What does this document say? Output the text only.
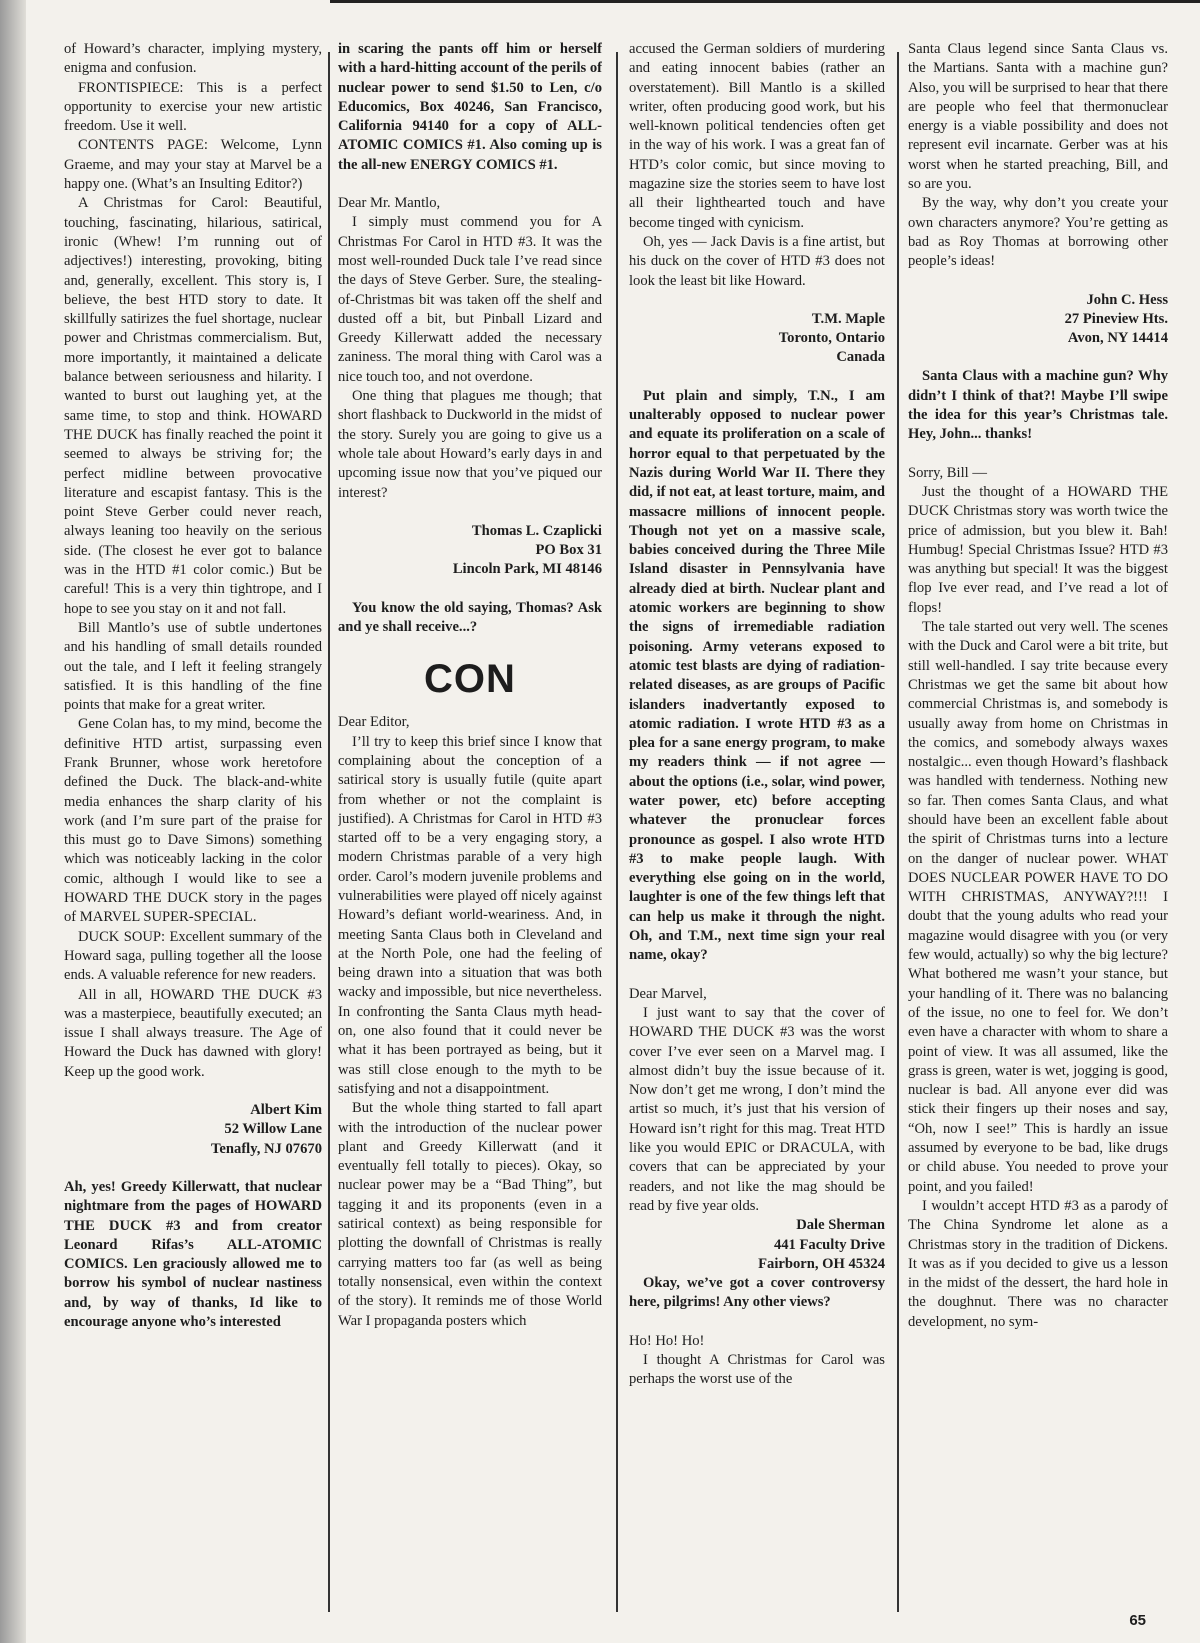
of Howard’s character, implying mystery, enigma and confusion.

FRONTISPIECE: This is a perfect opportunity to exercise your new artistic freedom. Use it well.

CONTENTS PAGE: Welcome, Lynn Graeme, and may your stay at Marvel be a happy one. (What’s an Insulting Editor?)

A Christmas for Carol: Beautiful, touching, fascinating, hilarious, satirical, ironic (Whew! I’m running out of adjectives!) interesting, provoking, biting and, generally, excellent. This story is, I believe, the best HTD story to date. It skillfully satirizes the fuel shortage, nuclear power and Christmas commercialism. But, more importantly, it maintained a delicate balance between seriousness and hilarity. I wanted to burst out laughing yet, at the same time, to stop and think. HOWARD THE DUCK has finally reached the point it seemed to always be striving for; the perfect midline between provocative literature and escapist fantasy. This is the point Steve Gerber could never reach, always leaning too heavily on the serious side. (The closest he ever got to balance was in the HTD #1 color comic.) But be careful! This is a very thin tightrope, and I hope to see you stay on it and not fall.

Bill Mantlo’s use of subtle undertones and his handling of small details rounded out the tale, and I left it feeling strangely satisfied. It is this handling of the fine points that make for a great writer.

Gene Colan has, to my mind, become the definitive HTD artist, surpassing even Frank Brunner, whose work heretofore defined the Duck. The black-and-white media enhances the sharp clarity of his work (and I’m sure part of the praise for this must go to Dave Simons) something which was noticeably lacking in the color comic, although I would like to see a HOWARD THE DUCK story in the pages of MARVEL SUPER-SPECIAL.

DUCK SOUP: Excellent summary of the Howard saga, pulling together all the loose ends. A valuable reference for new readers.

All in all, HOWARD THE DUCK #3 was a masterpiece, beautifully executed; an issue I shall always treasure. The Age of Howard the Duck has dawned with glory! Keep up the good work.

Albert Kim

52 Willow Lane

Tenafly, NJ 07670

Ah, yes! Greedy Killerwatt, that nuclear nightmare from the pages of HOWARD THE DUCK #3 and from creator Leonard Rifas’s ALL-ATOMIC COMICS. Len graciously allowed me to borrow his symbol of nuclear nastiness and, by way of thanks, Id like to encourage anyone who’s interested

in scaring the pants off him or herself with a hard-hitting account of the perils of nuclear power to send $1.50 to Len, c/o Educomics, Box 40246, San Francisco, California 94140 for a copy of ALL-ATOMIC COMICS #1. Also coming up is the all-new ENERGY COMICS #1.

Dear Mr. Mantlo,

I simply must commend you for A Christmas For Carol in HTD #3. It was the most well-rounded Duck tale I’ve read since the days of Steve Gerber. Sure, the stealing-of-Christmas bit was taken off the shelf and dusted off a bit, but Pinball Lizard and Greedy Killerwatt added the necessary zaniness. The moral thing with Carol was a nice touch too, and not overdone.

One thing that plagues me though; that short flashback to Duckworld in the midst of the story. Surely you are going to give us a whole tale about Howard’s early days in and upcoming issue now that you’ve piqued our interest?

Thomas L. Czaplicki

PO Box 31

Lincoln Park, MI 48146

You know the old saying, Thomas? Ask and ye shall receive...?

CON

Dear Editor,

I’ll try to keep this brief since I know that complaining about the conception of a satirical story is usually futile (quite apart from whether or not the complaint is justified). A Christmas for Carol in HTD #3 started off to be a very engaging story, a modern Christmas parable of a very high order. Carol’s modern juvenile problems and vulnerabilities were played off nicely against Howard’s defiant world-weariness. And, in meeting Santa Claus both in Cleveland and at the North Pole, one had the feeling of being drawn into a situation that was both wacky and impossible, but nice nevertheless. In confronting the Santa Claus myth head-on, one also found that it could never be what it has been portrayed as being, but it was still close enough to the myth to be satisfying and not a disappointment.

But the whole thing started to fall apart with the introduction of the nuclear power plant and Greedy Killerwatt (and it eventually fell totally to pieces). Okay, so nuclear power may be a “Bad Thing”, but tagging it and its proponents (even in a satirical context) as being responsible for plotting the downfall of Christmas is really carrying matters too far (as well as being totally nonsensical, even within the context of the story). It reminds me of those World War I propaganda posters which

accused the German soldiers of murdering and eating innocent babies (rather an overstatement). Bill Mantlo is a skilled writer, often producing good work, but his well-known political tendencies often get in the way of his work. I was a great fan of HTD’s color comic, but since moving to magazine size the stories seem to have lost all their lighthearted touch and have become tinged with cynicism.

Oh, yes — Jack Davis is a fine artist, but his duck on the cover of HTD #3 does not look the least bit like Howard.

T.M. Maple

Toronto, Ontario

Canada

Put plain and simply, T.N., I am unalterably opposed to nuclear power and equate its proliferation on a scale of horror equal to that perpetuated by the Nazis during World War II. There they did, if not eat, at least torture, maim, and massacre millions of innocent people. Though not yet on a massive scale, babies conceived during the Three Mile Island disaster in Pennsylvania have already died at birth. Nuclear plant and atomic workers are beginning to show the signs of irremediable radiation poisoning. Army veterans exposed to atomic test blasts are dying of radiation-related diseases, as are groups of Pacific islanders inadvertantly exposed to atomic radiation. I wrote HTD #3 as a plea for a sane energy program, to make my readers think — if not agree — about the options (i.e., solar, wind power, water power, etc) before accepting whatever the pronuclear forces pronounce as gospel. I also wrote HTD #3 to make people laugh. With everything else going on in the world, laughter is one of the few things left that can help us make it through the night. Oh, and T.M., next time sign your real name, okay?

Dear Marvel,

I just want to say that the cover of HOWARD THE DUCK #3 was the worst cover I’ve ever seen on a Marvel mag. I almost didn’t buy the issue because of it. Now don’t get me wrong, I don’t mind the artist so much, it’s just that his version of Howard isn’t right for this mag. Treat HTD like you would EPIC or DRACULA, with covers that can be appreciated by your readers, and not like the mag should be read by five year olds.

Dale Sherman

441 Faculty Drive

Fairborn, OH 45324

Okay, we’ve got a cover controversy here, pilgrims! Any other views?

Ho! Ho! Ho!

I thought A Christmas for Carol was perhaps the worst use of the

Santa Claus legend since Santa Claus vs. the Martians. Santa with a machine gun? Also, you will be surprised to hear that there are people who feel that thermonuclear energy is a viable possibility and does not represent evil incarnate. Gerber was at his worst when he started preaching, Bill, and so are you.

By the way, why don’t you create your own characters anymore? You’re getting as bad as Roy Thomas at borrowing other people’s ideas!

John C. Hess

27 Pineview Hts.

Avon, NY 14414

Santa Claus with a machine gun? Why didn’t I think of that?! Maybe I’ll swipe the idea for this year’s Christmas tale. Hey, John... thanks!

Sorry, Bill —

Just the thought of a HOWARD THE DUCK Christmas story was worth twice the price of admission, but you blew it. Bah! Humbug! Special Christmas Issue? HTD #3 was anything but special! It was the biggest flop Ive ever read, and I’ve read a lot of flops!

The tale started out very well. The scenes with the Duck and Carol were a bit trite, but still well-handled. I say trite because every Christmas we get the same bit about how commercial Christmas is, and somebody is usually away from home on Christmas in the comics, and somebody always waxes nostalgic... even though Howard’s flashback was handled with tenderness. Nothing new so far. Then comes Santa Claus, and what should have been an excellent fable about the spirit of Christmas turns into a lecture on the danger of nuclear power. WHAT DOES NUCLEAR POWER HAVE TO DO WITH CHRISTMAS, ANYWAY?!!! I doubt that the young adults who read your magazine would disagree with you (or very few would, actually) so why the big lecture? What bothered me wasn’t your stance, but your handling of it. There was no balancing of the issue, no one to feel for. We don’t even have a character with whom to share a point of view. It was all assumed, like the grass is green, water is wet, jogging is good, nuclear is bad. All anyone ever did was stick their fingers up their noses and say, “Oh, now I see!” This is hardly an issue assumed by everyone to be bad, like drugs or child abuse. You needed to prove your point, and you failed!

I wouldn’t accept HTD #3 as a parody of The China Syndrome let alone as a Christmas story in the tradition of Dickens. It was as if you decided to give us a lesson in the midst of the dessert, the hard hole in the doughnut. There was no character development, no sym-

65
